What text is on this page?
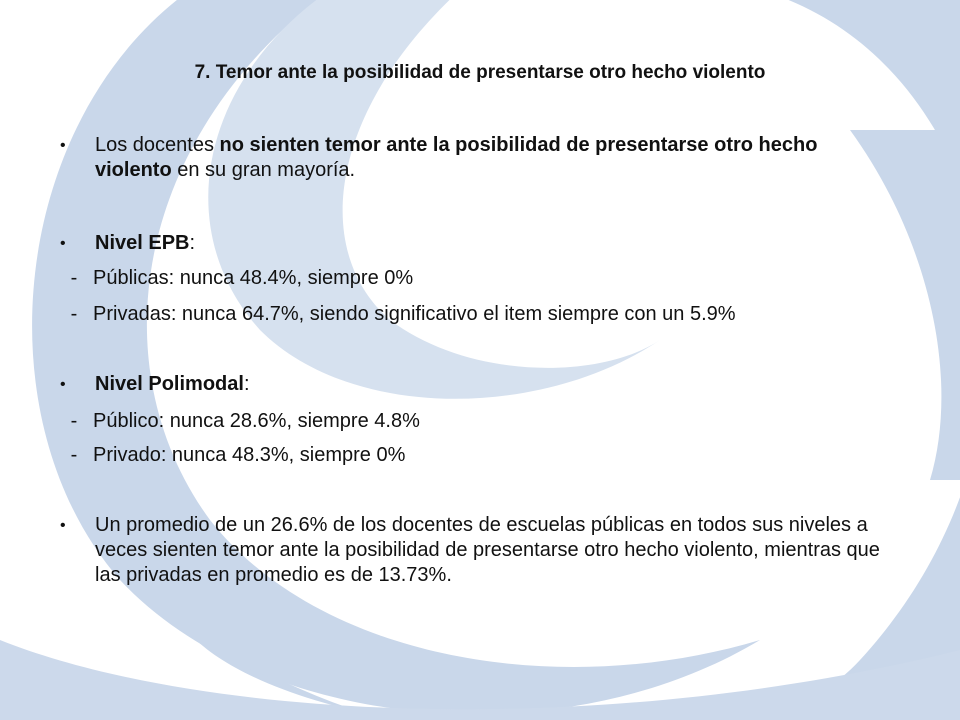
7. Temor ante la posibilidad de presentarse otro hecho violento
•	Los docentes no sienten temor ante la posibilidad de presentarse otro hecho violento en su gran mayoría.
•	Nivel EPB:
- Públicas: nunca 48.4%, siempre 0%
- Privadas: nunca 64.7%, siendo significativo el item siempre con un 5.9%
•	Nivel Polimodal:
- Público: nunca 28.6%, siempre 4.8%
- Privado: nunca 48.3%, siempre 0%
•	Un promedio de un 26.6% de los docentes de escuelas públicas en todos sus niveles a veces sienten temor ante la posibilidad de presentarse otro hecho violento, mientras que las privadas en promedio es de 13.73%.
